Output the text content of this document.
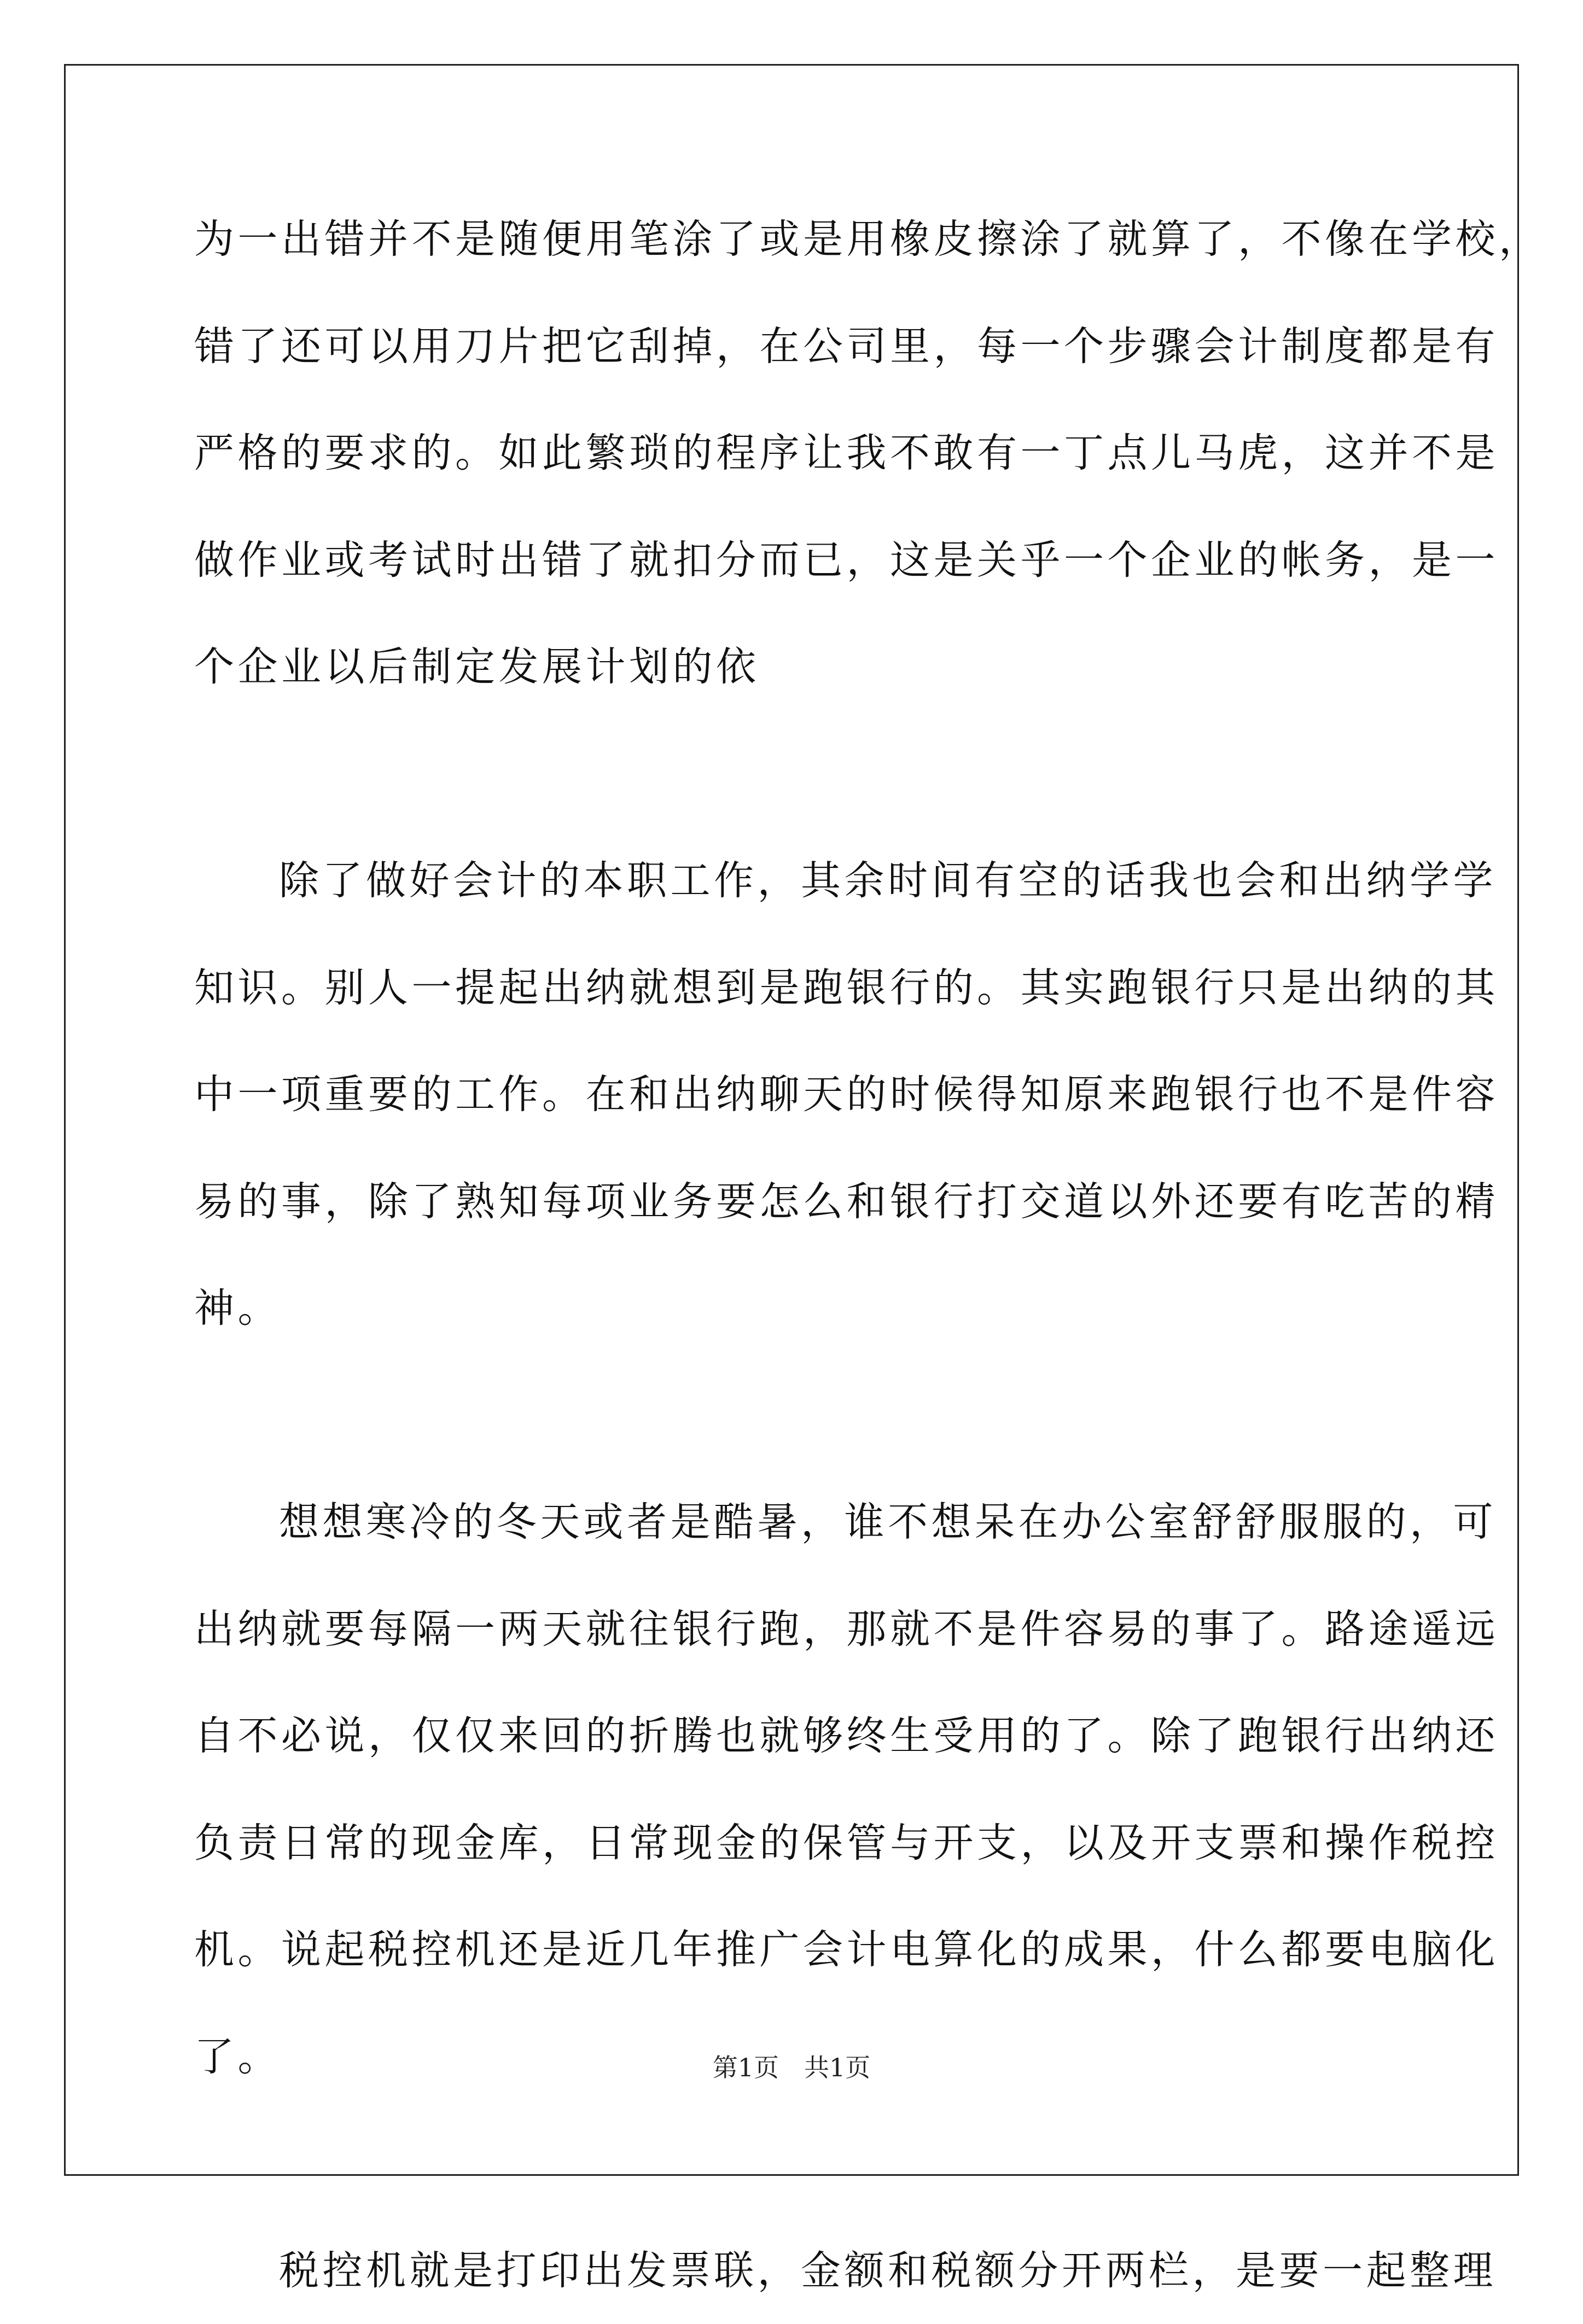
为一出错并不是随便用笔涂了或是用橡皮擦涂了就算了，不像在学校，
错了还可以用刀片把它刮掉，在公司里，每一个步骤会计制度都是有
严格的要求的。如此繁琐的程序让我不敢有一丁点儿马虎，这并不是
做作业或考试时出错了就扣分而已，这是关乎一个企业的帐务，是一
个企业以后制定发展计划的依
除了做好会计的本职工作，其余时间有空的话我也会和出纳学学
知识。别人一提起出纳就想到是跑银行的。其实跑银行只是出纳的其
中一项重要的工作。在和出纳聊天的时候得知原来跑银行也不是件容
易的事，除了熟知每项业务要怎么和银行打交道以外还要有吃苦的精
神。
想想寒冷的冬天或者是酷暑，谁不想呆在办公室舒舒服服的，可
出纳就要每隔一两天就往银行跑，那就不是件容易的事了。路途遥远
自不必说，仅仅来回的折腾也就够终生受用的了。除了跑银行出纳还
负责日常的现金库，日常现金的保管与开支，以及开支票和操作税控
机。说起税控机还是近几年推广会计电算化的成果，什么都要电脑化
了。
税控机就是打印出发票联，金额和税额分开两栏，是要一起整理
第1页　共1页
